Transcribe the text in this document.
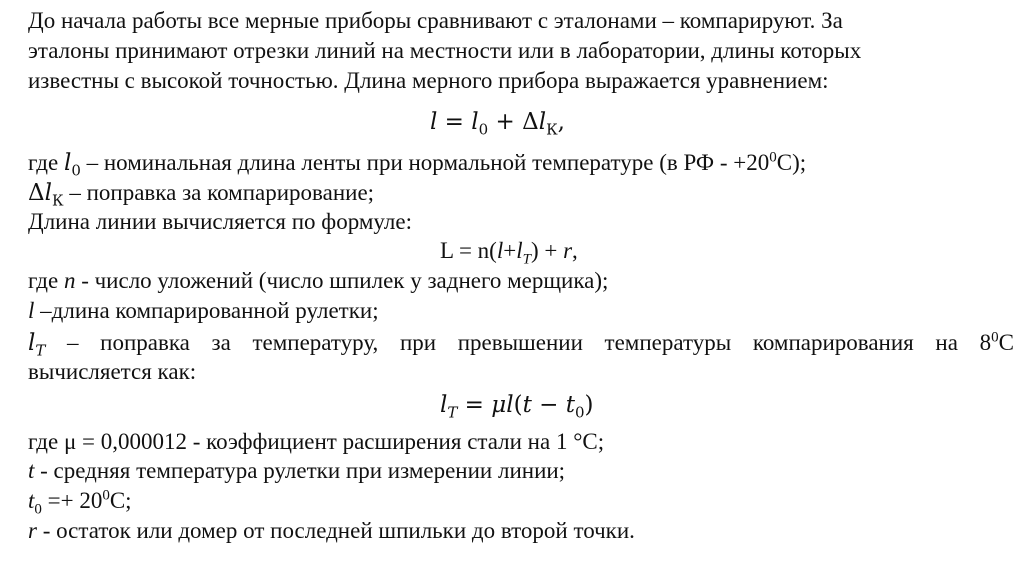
До начала работы все мерные приборы сравнивают с эталонами – компарируют. За
эталоны принимают отрезки линий на местности или в лаборатории, длины которых
известны с высокой точностью. Длина мерного прибора выражается уравнением:
$l = l_0 + \Delta l_К$,
где $l_0$ – номинальная длина ленты при нормальной температуре (в РФ - $+20^0С$);
$\Delta l_К$ – поправка за компарирование;
Длина линии вычисляется по формуле:
$L = n(l+l_T) + r$,
где n - число уложений (число шпилек у заднего мерщика);
l –длина компарированной рулетки;
$l_T$ – поправка за температуру, при превышении температуры компарирования на $8^0С$
вычисляется как:
$l_T = \mu l(t - t_0)$
где μ = 0,000012 - коэффициент расширения стали на 1 °С;
t - средняя температура рулетки при измерении линии;
$t_0 =+ 20^0С$;
r - остаток или домер от последней шпильки до второй точки.
